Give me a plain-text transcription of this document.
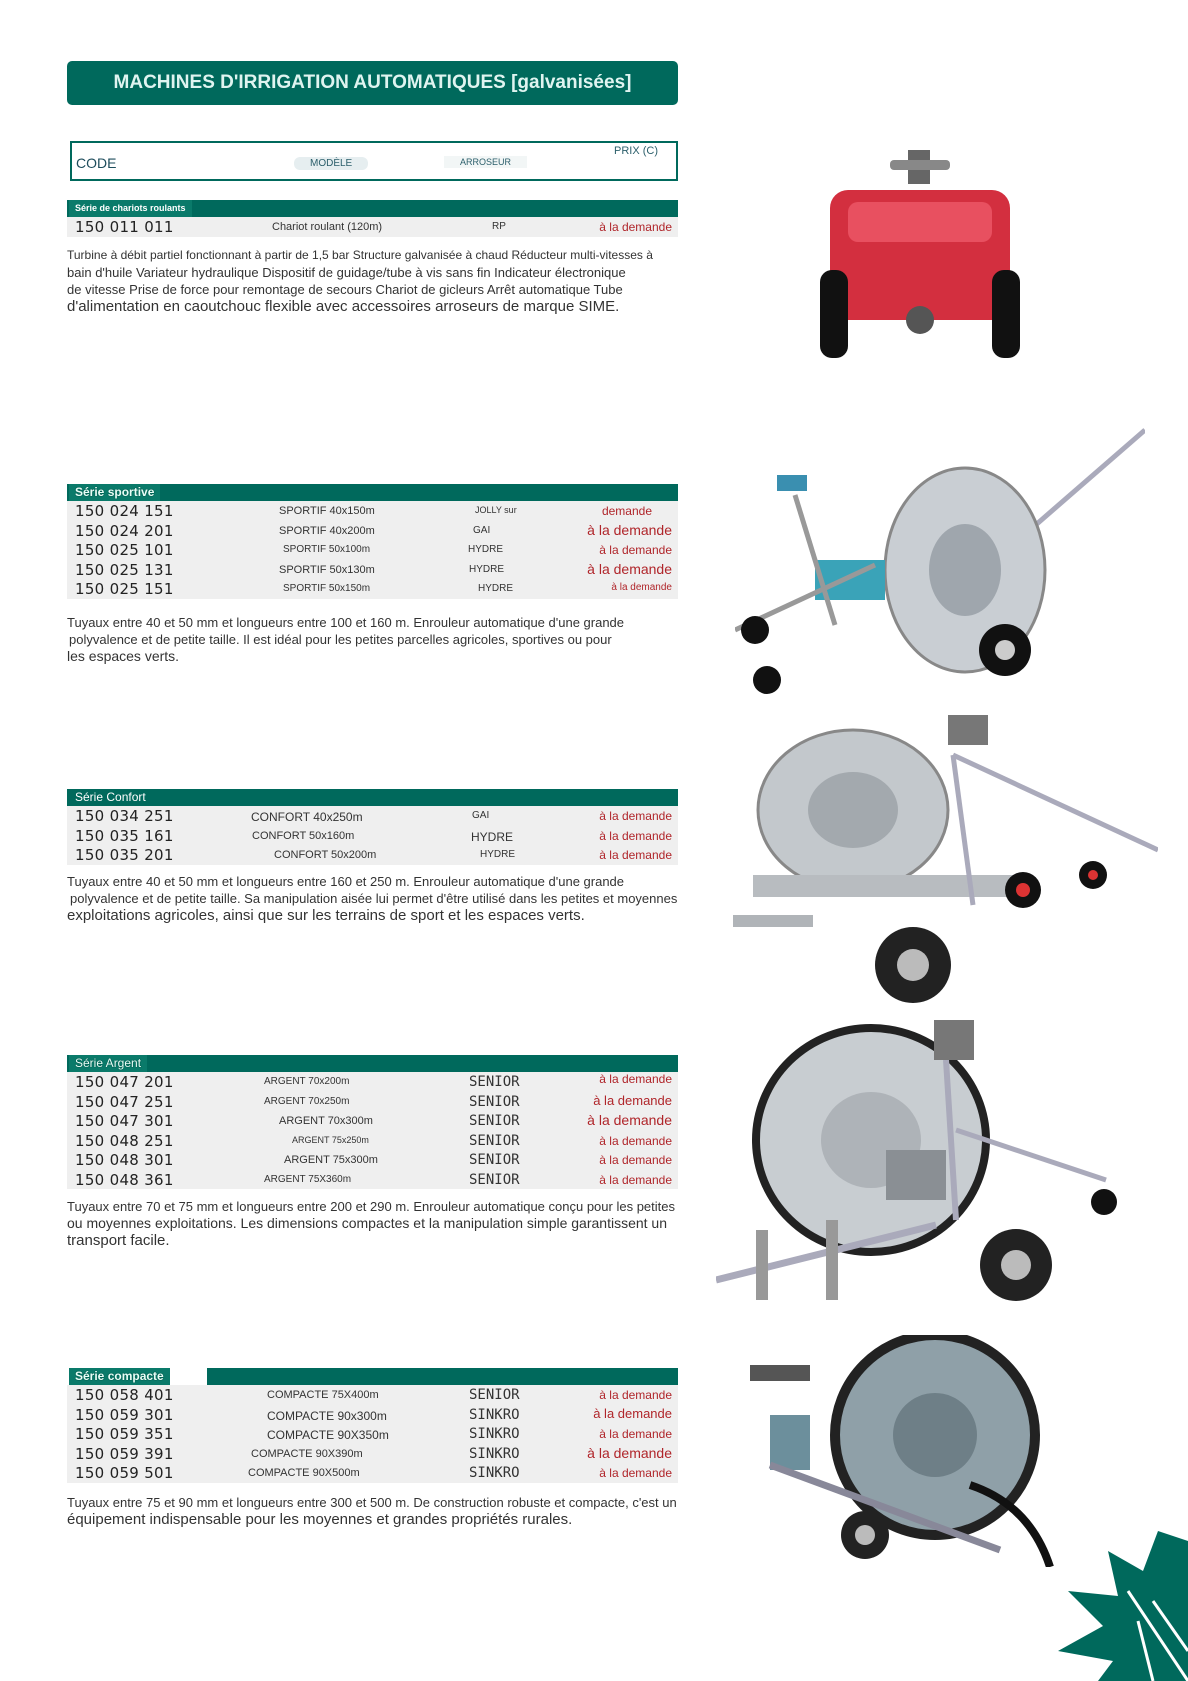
MACHINES D'IRRIGATION AUTOMATIQUES [galvanisées]
CODE	MODÈLE	ARROSEUR
PRIX (C)
Série de chariots roulants
150 011 011	Chariot roulant (120m)	RP	à la demande
Turbine à débit partiel fonctionnant à partir de 1,5 bar Structure galvanisée à chaud Réducteur multi-vitesses à
bain d'huile Variateur hydraulique Dispositif de guidage/tube à vis sans fin Indicateur électronique
de vitesse Prise de force pour remontage de secours Chariot de gicleurs Arrêt automatique Tube
d'alimentation en caoutchouc flexible avec accessoires arroseurs de marque SIME.
Série sportive
150 024 151	SPORTIF 40x150m	JOLLY sur	demande
150 024 201	SPORTIF 40x200m	GAI	à la demande
150 025 101	SPORTIF 50x100m	HYDRE	à la demande
150 025 131	SPORTIF 50x130m	HYDRE	à la demande
150 025 151	SPORTIF 50x150m	HYDRE	à la demande
Tuyaux entre 40 et 50 mm et longueurs entre 100 et 160 m. Enrouleur automatique d'une grande
polyvalence et de petite taille. Il est idéal pour les petites parcelles agricoles, sportives ou pour
les espaces verts.
Série Confort
150 034 251	CONFORT 40x250m	GAI	à la demande
150 035 161	CONFORT 50x160m	HYDRE	à la demande
150 035 201	CONFORT 50x200m	HYDRE	à la demande
Tuyaux entre 40 et 50 mm et longueurs entre 160 et 250 m. Enrouleur automatique d'une grande
polyvalence et de petite taille. Sa manipulation aisée lui permet d'être utilisé dans les petites et moyennes
exploitations agricoles, ainsi que sur les terrains de sport et les espaces verts.
Série Argent
150 047 201	ARGENT 70x200m	SENIOR	à la demande
150 047 251	ARGENT 70x250m	SENIOR	à la demande
150 047 301	ARGENT 70x300m	SENIOR	à la demande
150 048 251	ARGENT 75x250m	SENIOR	à la demande
150 048 301	ARGENT 75x300m	SENIOR	à la demande
150 048 361	ARGENT 75X360m	SENIOR	à la demande
Tuyaux entre 70 et 75 mm et longueurs entre 200 et 290 m. Enrouleur automatique conçu pour les petites
ou moyennes exploitations. Les dimensions compactes et la manipulation simple garantissent un
transport facile.
Série compacte
150 058 401	COMPACTE 75X400m	SENIOR	à la demande
150 059 301	COMPACTE 90x300m	SINKRO	à la demande
150 059 351	COMPACTE 90X350m	SINKRO	à la demande
150 059 391	COMPACTE 90X390m	SINKRO	à la demande
150 059 501	COMPACTE 90X500m	SINKRO	à la demande
Tuyaux entre 75 et 90 mm et longueurs entre 300 et 500 m. De construction robuste et compacte, c'est un
équipement indispensable pour les moyennes et grandes propriétés rurales.
